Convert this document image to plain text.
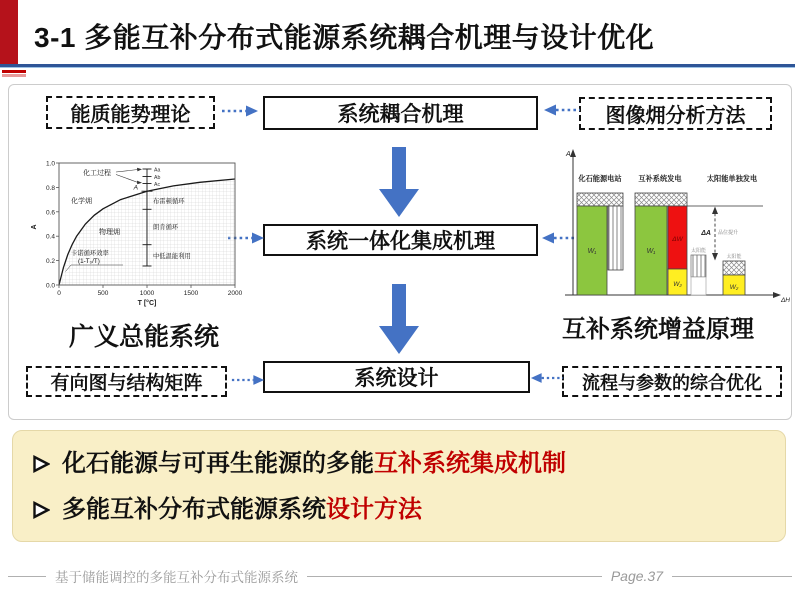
3-1 多能互补分布式能源系统耦合机理与设计优化
能质能势理论	系统耦合机理	图像㶲分析方法
系统一体化集成机理
系统设计
有向图与结构矩阵	流程与参数的综合优化
1.0
0.8
0.6
0.4
0.2
0.0
0	500	1000	1500	2000
T [°C]
A
化工过程
化学㶲
物理㶲
卡诺循环效率
(1-T₀/T)
布雷顿循环
朗肯循环
中低温能利用
A
Aa
Ab
Ac
广义总能系统
A
ΔH
化石能源电站 互补系统发电	太阳能单独发电
W₁	W₁
ΔW
W₂
太阳能
ΔA 品位提升
太阳能
W₂
互补系统增益原理
化石能源与可再生能源的多能 互补系统集成机制
多能互补分布式能源系统 设计方法
基于储能调控的多能互补分布式能源系统	Page.37
